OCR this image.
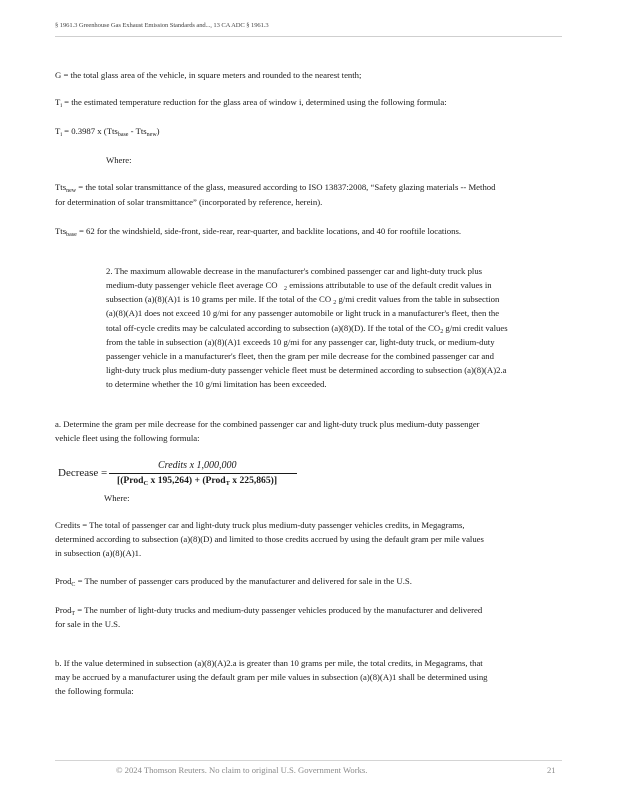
§ 1961.3 Greenhouse Gas Exhaust Emission Standards and..., 13 CA ADC § 1961.3
G = the total glass area of the vehicle, in square meters and rounded to the nearest tenth;
$T_i$ = the estimated temperature reduction for the glass area of window i, determined using the following formula:
$T_i = 0.3987$ x (Tts$_{base}$ - Tts$_{new}$)
Where:
Tts$_{new}$ = the total solar transmittance of the glass, measured according to ISO 13837:2008, “Safety glazing materials -- Method
for determination of solar transmittance” (incorporated by reference, herein).
Tts$_{base}$ = 62 for the windshield, side-front, side-rear, rear-quarter, and backlite locations, and 40 for rooftile locations.
2. The maximum allowable decrease in the manufacturer's combined passenger car and light-duty truck plus
medium-duty passenger vehicle fleet average CO $_2$ emissions attributable to use of the default credit values in
subsection (a)(8)(A)1 is 10 grams per mile. If the total of the CO $_2$ g/mi credit values from the table in subsection
(a)(8)(A)1 does not exceed 10 g/mi for any passenger automobile or light truck in a manufacturer's fleet, then the
total off-cycle credits may be calculated according to subsection (a)(8)(D). If the total of the $CO_2$ g/mi credit values
from the table in subsection (a)(8)(A)1 exceeds 10 g/mi for any passenger car, light-duty truck, or medium-duty
passenger vehicle in a manufacturer's fleet, then the gram per mile decrease for the combined passenger car and
light-duty truck plus medium-duty passenger vehicle fleet must be determined according to subsection (a)(8)(A)2.a
to determine whether the 10 g/mi limitation has been exceeded.
a. Determine the gram per mile decrease for the combined passenger car and light-duty truck plus medium-duty passenger
vehicle fleet using the following formula:
Decrease =
Credits x 1,000,000
[(Prod$_C$ x 195,264) + (Prod$_T$ x 225,865)]
Where:
Credits = The total of passenger car and light-duty truck plus medium-duty passenger vehicles credits, in Megagrams,
determined according to subsection (a)(8)(D) and limited to those credits accrued by using the default gram per mile values
in subsection (a)(8)(A)1.
Prod$_C$ = The number of passenger cars produced by the manufacturer and delivered for sale in the U.S.
Prod$_T$ = The number of light-duty trucks and medium-duty passenger vehicles produced by the manufacturer and delivered
for sale in the U.S.
b. If the value determined in subsection (a)(8)(A)2.a is greater than 10 grams per mile, the total credits, in Megagrams, that
may be accrued by a manufacturer using the default gram per mile values in subsection (a)(8)(A)1 shall be determined using
the following formula:
© 2024 Thomson Reuters. No claim to original U.S. Government Works.	21
